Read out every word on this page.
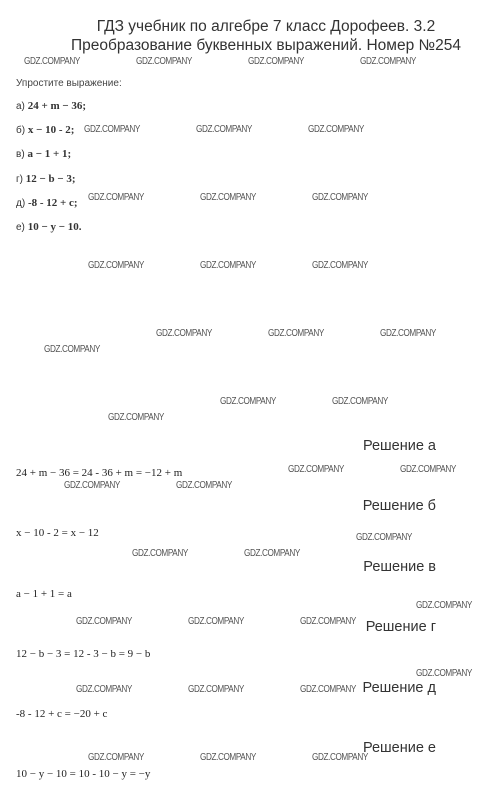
ГДЗ учебник по алгебре 7 класс Дорофеев. 3.2
Преобразование буквенных выражений. Номер №254
Упростите выражение:
а) 24 + m − 36;
б) x − 10 - 2;
в) a − 1 + 1;
г) 12 − b − 3;
д) -8 - 12 + c;
е) 10 − y − 10.
Решение а
24 + m − 36 = 24 - 36 + m = −12 + m
Решение б
x − 10 - 2 = x − 12
Решение в
a − 1 + 1 = a
Решение г
12 − b − 3 = 12 - 3 − b = 9 − b
Решение д
-8 - 12 + c = −20 + c
Решение е
10 − y − 10 = 10 - 10 − y = −y
GDZ.COMPANY	GDZ.COMPANY	GDZ.COMPANY	GDZ.COMPANY
GDZ.COMPANY	GDZ.COMPANY	GDZ.COMPANY
GDZ.COMPANY	GDZ.COMPANY	GDZ.COMPANY
GDZ.COMPANY	GDZ.COMPANY	GDZ.COMPANY
GDZ.COMPANY	GDZ.COMPANY	GDZ.COMPANY
GDZ.COMPANY
GDZ.COMPANY	GDZ.COMPANY
GDZ.COMPANY
GDZ.COMPANY	GDZ.COMPANY
GDZ.COMPANY	GDZ.COMPANY
GDZ.COMPANY
GDZ.COMPANY	GDZ.COMPANY
GDZ.COMPANY
GDZ.COMPANY	GDZ.COMPANY	GDZ.COMPANY
GDZ.COMPANY
GDZ.COMPANY	GDZ.COMPANY	GDZ.COMPANY
GDZ.COMPANY	GDZ.COMPANY	GDZ.COMPANY
